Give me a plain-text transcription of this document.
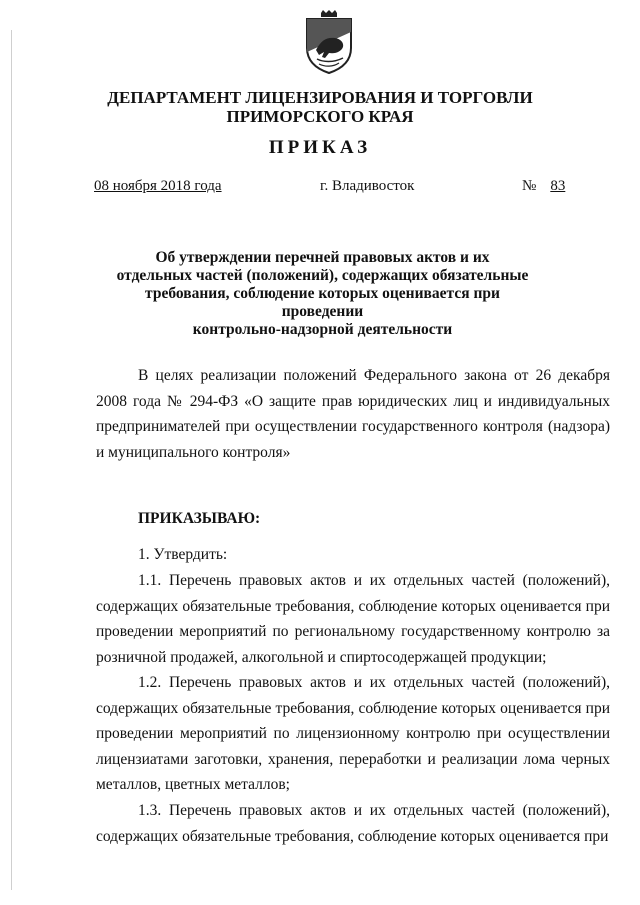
ДЕПАРТАМЕНТ ЛИЦЕНЗИРОВАНИЯ И ТОРГОВЛИ
ПРИМОРСКОГО КРАЯ
ПРИКАЗ
08 ноября 2018 года	г. Владивосток	№ 83
Об утверждении перечней правовых актов и их
отдельных частей (положений), содержащих обязательные
требования, соблюдение которых оценивается при проведении
контрольно-надзорной деятельности

В целях реализации положений Федерального закона от 26 декабря 2008 года № 294-ФЗ «О защите прав юридических лиц и индивидуальных предпринимателей при осуществлении государственного контроля (надзора) и муниципального контроля»

ПРИКАЗЫВАЮ:
1. Утвердить:

1.1. Перечень правовых актов и их отдельных частей (положений), содержащих обязательные требования, соблюдение которых оценивается при проведении мероприятий по региональному государственному контролю за розничной продажей, алкогольной и спиртосодержащей продукции;

1.2. Перечень правовых актов и их отдельных частей (положений), содержащих обязательные требования, соблюдение которых оценивается при проведении мероприятий по лицензионному контролю при осуществлении лицензиатами заготовки, хранения, переработки и реализации лома черных металлов, цветных металлов;

1.3. Перечень правовых актов и их отдельных частей (положений), содержащих обязательные требования, соблюдение которых оценивается при
